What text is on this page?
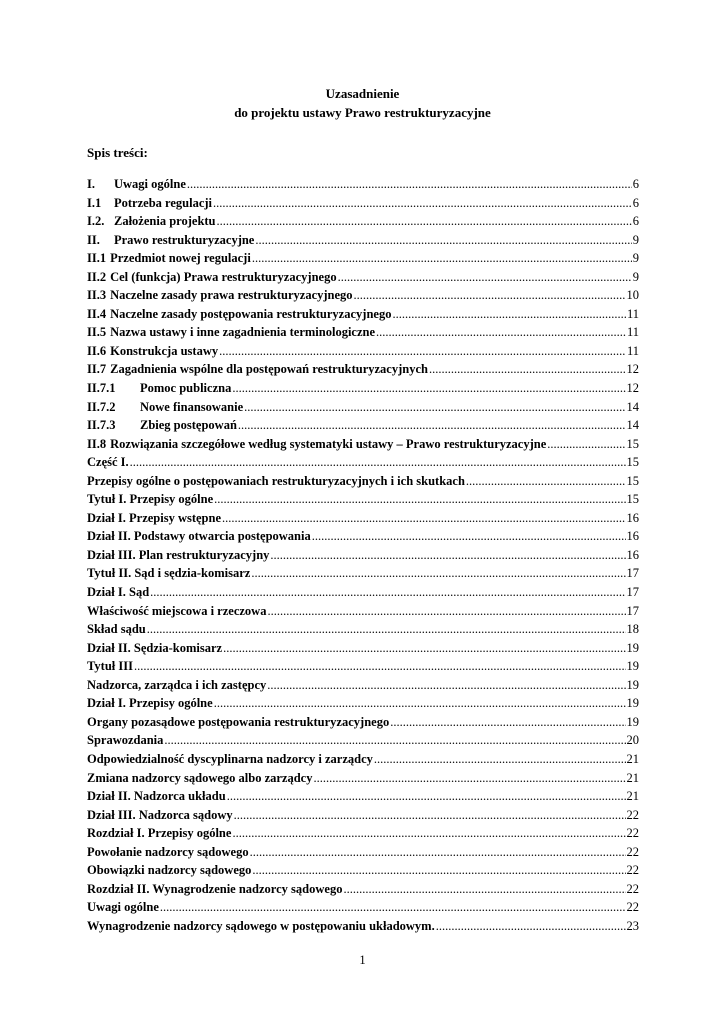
Uzasadnienie
do projektu ustawy Prawo restrukturyzacyjne
Spis treści:
I.	Uwagi ogólne .....	6
I.1	Potrzeba regulacji .....	6
I.2. Założenia projektu .....	6
II.	Prawo restrukturyzacyjne .....	9
II.1 Przedmiot nowej regulacji .....	9
II.2 Cel (funkcja) Prawa restrukturyzacyjnego .....	9
II.3 Naczelne zasady prawa restrukturyzacyjnego .....	10
II.4 Naczelne zasady postępowania restrukturyzacyjnego .....	11
II.5 Nazwa ustawy i inne zagadnienia terminologiczne .....	11
II.6 Konstrukcja ustawy .....	11
II.7 Zagadnienia wspólne dla postępowań restrukturyzacyjnych .....	12
II.7.1	Pomoc publiczna .....	12
II.7.2	Nowe finansowanie .....	14
II.7.3	Zbieg postępowań .....	14
II.8 Rozwiązania szczegółowe według systematyki ustawy – Prawo restrukturyzacyjne .....	15
Część I. .....	15
Przepisy ogólne o postępowaniach restrukturyzacyjnych i ich skutkach .....	15
Tytuł I. Przepisy ogólne .....	15
Dział I. Przepisy wstępne .....	16
Dział II. Podstawy otwarcia postępowania .....	16
Dział III. Plan restrukturyzacyjny .....	16
Tytuł II. Sąd i sędzia-komisarz .....	17
Dział I. Sąd .....	17
Właściwość miejscowa i rzeczowa .....	17
Skład sądu .....	18
Dział II. Sędzia-komisarz .....	19
Tytuł III .....	19
Nadzorca, zarządca i ich zastępcy .....	19
Dział I. Przepisy ogólne .....	19
Organy pozasądowe postępowania restrukturyzacyjnego .....	19
Sprawozdania .....	20
Odpowiedzialność dyscyplinarna nadzorcy i zarządcy .....	21
Zmiana nadzorcy sądowego albo zarządcy .....	21
Dział II. Nadzorca układu .....	21
Dział III. Nadzorca sądowy .....	22
Rozdział I. Przepisy ogólne .....	22
Powołanie nadzorcy sądowego .....	22
Obowiązki nadzorcy sądowego .....	22
Rozdział II. Wynagrodzenie nadzorcy sądowego .....	22
Uwagi ogólne .....	22
Wynagrodzenie nadzorcy sądowego w postępowaniu układowym. .....	23
1
